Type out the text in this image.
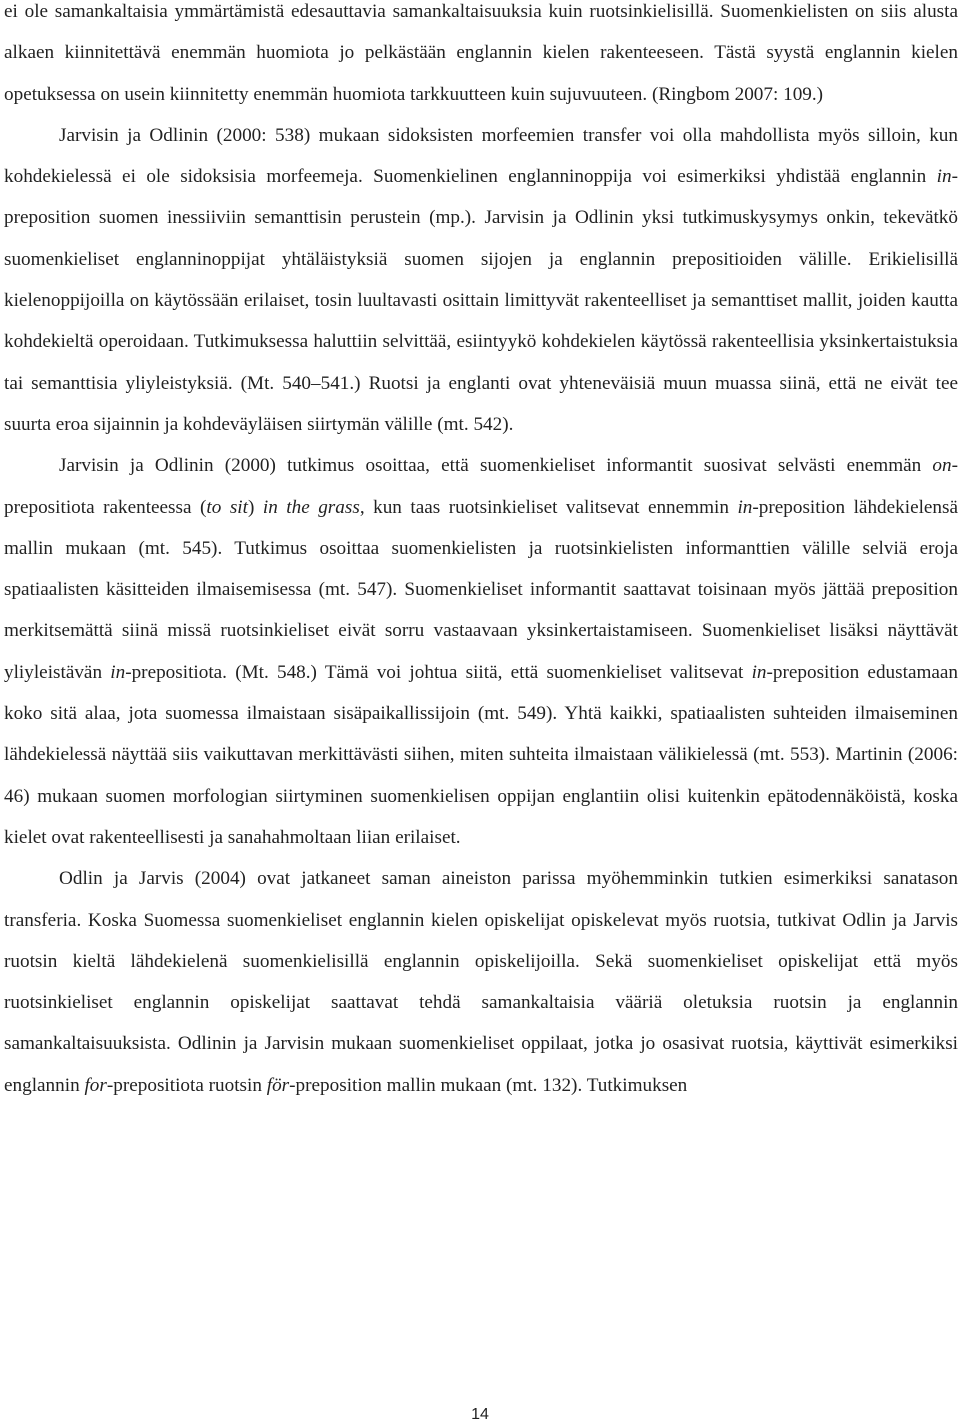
ei ole samankaltaisia ymmärtämistä edesauttavia samankaltaisuuksia kuin ruotsinkielisillä. Suomenkielisten on siis alusta alkaen kiinnitettävä enemmän huomiota jo pelkästään englannin kielen rakenteeseen. Tästä syystä englannin kielen opetuksessa on usein kiinnitetty enemmän huomiota tarkkuutteen kuin sujuvuuteen. (Ringbom 2007: 109.)

Jarvisin ja Odlinin (2000: 538) mukaan sidoksisten morfeemien transfer voi olla mahdollista myös silloin, kun kohdekielessä ei ole sidoksisia morfeemeja. Suomenkielinen englanninoppija voi esimerkiksi yhdistää englannin in-preposition suomen inessiiviin semanttisin perustein (mp.). Jarvisin ja Odlinin yksi tutkimuskysymys onkin, tekevätkö suomenkieliset englanninoppijat yhtäläistyksiä suomen sijojen ja englannin prepositioiden välille. Erikielisillä kielenoppijoilla on käytössään erilaiset, tosin luultavasti osittain limittyvät rakenteelliset ja semanttiset mallit, joiden kautta kohdekieltä operoidaan. Tutkimuksessa haluttiin selvittää, esiintyykö kohdekielen käytössä rakenteellisia yksinkertaistuksia tai semanttisia yliyleistyksiä. (Mt. 540–541.) Ruotsi ja englanti ovat yhteneväisiä muun muassa siinä, että ne eivät tee suurta eroa sijainnin ja kohdeväyläisen siirtymän välille (mt. 542).

Jarvisin ja Odlinin (2000) tutkimus osoittaa, että suomenkieliset informantit suosivat selvästi enemmän on-prepositiota rakenteessa (to sit) in the grass, kun taas ruotsinkieliset valitsevat ennemmin in-preposition lähdekielensä mallin mukaan (mt. 545). Tutkimus osoittaa suomenkielisten ja ruotsinkielisten informanttien välille selviä eroja spatiaalisten käsitteiden ilmaisemisessa (mt. 547). Suomenkieliset informantit saattavat toisinaan myös jättää preposition merkitsemättä siinä missä ruotsinkieliset eivät sorru vastaavaan yksinkertaistamiseen. Suomenkieliset lisäksi näyttävät yliyleistävän in-prepositiota. (Mt. 548.) Tämä voi johtua siitä, että suomenkieliset valitsevat in-preposition edustamaan koko sitä alaa, jota suomessa ilmaistaan sisäpaikallissijoin (mt. 549). Yhtä kaikki, spatiaalisten suhteiden ilmaiseminen lähdekielessä näyttää siis vaikuttavan merkittävästi siihen, miten suhteita ilmaistaan välikielessä (mt. 553). Martinin (2006: 46) mukaan suomen morfologian siirtyminen suomenkielisen oppijan englantiin olisi kuitenkin epätodennäköistä, koska kielet ovat rakenteellisesti ja sanahahmoltaan liian erilaiset.

Odlin ja Jarvis (2004) ovat jatkaneet saman aineiston parissa myöhemminkin tutkien esimerkiksi sanatason transferia. Koska Suomessa suomenkieliset englannin kielen opiskelijat opiskelevat myös ruotsia, tutkivat Odlin ja Jarvis ruotsin kieltä lähdekielenä suomenkielisillä englannin opiskelijoilla. Sekä suomenkieliset opiskelijat että myös ruotsinkieliset englannin opiskelijat saattavat tehdä samankaltaisia vääriä oletuksia ruotsin ja englannin samankaltaisuuksista. Odlinin ja Jarvisin mukaan suomenkieliset oppilaat, jotka jo osasivat ruotsia, käyttivät esimerkiksi englannin for-prepositiota ruotsin för-preposition mallin mukaan (mt. 132). Tutkimuksen

14
